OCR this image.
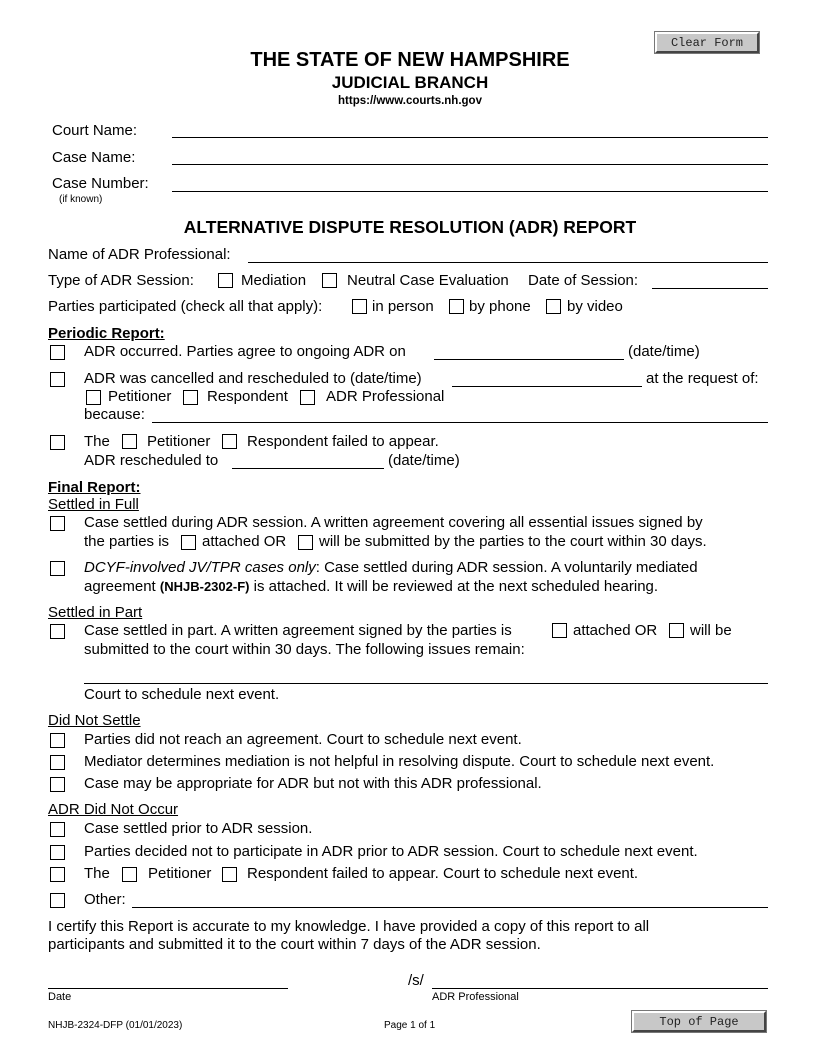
Clear Form
THE STATE OF NEW HAMPSHIRE
JUDICIAL BRANCH
https://www.courts.nh.gov
Court Name:
Case Name:
Case Number:
(if known)
ALTERNATIVE DISPUTE RESOLUTION (ADR) REPORT
Name of ADR Professional:
Type of ADR Session:	Mediation	Neutral Case Evaluation Date of Session:
Parties participated (check all that apply):	in person by phone by video
Periodic Report:
ADR occurred. Parties agree to ongoing ADR on	(date/time)
ADR was cancelled and rescheduled to (date/time)	at the request of:
Petitioner Respondent	ADR Professional
because:
The Petitioner Respondent failed to appear.
ADR rescheduled to	(date/time)
Final Report:
Settled in Full
Case settled during ADR session. A written agreement covering all essential issues signed by
the parties is attached OR will be submitted by the parties to the court within 30 days.
DCYF-involved JV/TPR cases only: Case settled during ADR session. A voluntarily mediated
agreement (NHJB-2302-F) is attached. It will be reviewed at the next scheduled hearing.
Settled in Part
Case settled in part. A written agreement signed by the parties is	attached OR will be
submitted to the court within 30 days. The following issues remain:
Court to schedule next event.
Did Not Settle
Parties did not reach an agreement. Court to schedule next event.
Mediator determines mediation is not helpful in resolving dispute. Court to schedule next event.
Case may be appropriate for ADR but not with this ADR professional.
ADR Did Not Occur
Case settled prior to ADR session.
Parties decided not to participate in ADR prior to ADR session. Court to schedule next event.
The	Petitioner Respondent failed to appear. Court to schedule next event.
Other:
I certify this Report is accurate to my knowledge. I have provided a copy of this report to all
participants and submitted it to the court within 7 days of the ADR session.
Date
/s/
ADR Professional
NHJB-2324-DFP (01/01/2023)	Page 1 of 1	Top of Page
